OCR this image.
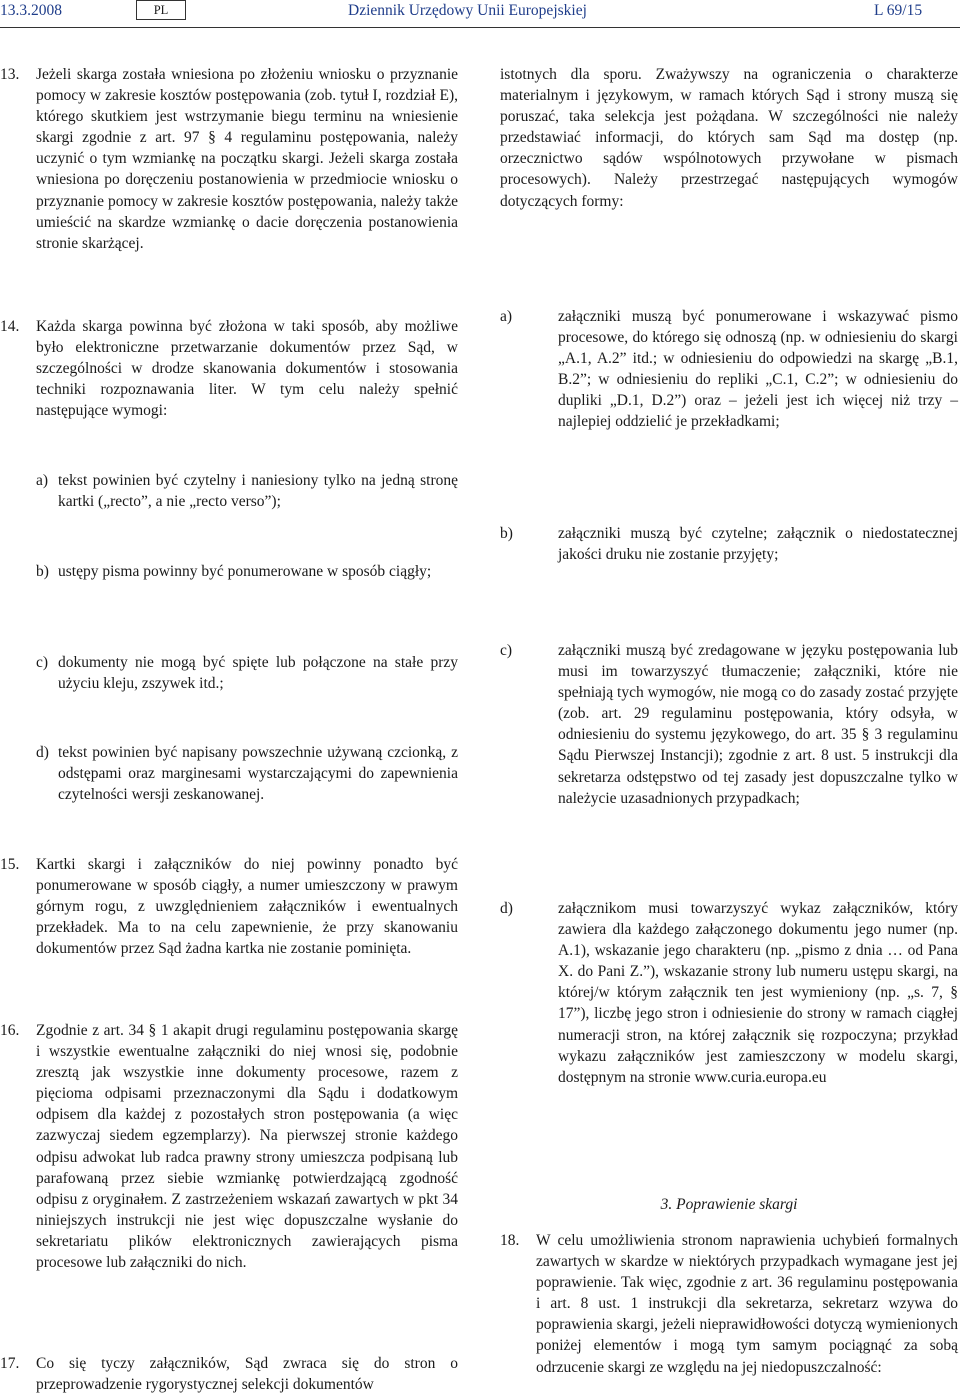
13.3.2008	PL	Dziennik Urzędowy Unii Europejskiej	L 69/15
13. Jeżeli skarga została wniesiona po złożeniu wniosku o przyznanie pomocy w zakresie kosztów postępowania (zob. tytuł I, rozdział E), którego skutkiem jest wstrzymanie biegu terminu na wniesienie skargi zgodnie z art. 97 § 4 regulaminu postępowania, należy uczynić o tym wzmiankę na początku skargi. Jeżeli skarga została wniesiona po doręczeniu postanowienia w przedmiocie wniosku o przyznanie pomocy w zakresie kosztów postępowania, należy także umieścić na skardze wzmiankę o dacie doręczenia postanowienia stronie skarżącej.
14. Każda skarga powinna być złożona w taki sposób, aby możliwe było elektroniczne przetwarzanie dokumentów przez Sąd, w szczególności w drodze skanowania dokumentów i stosowania techniki rozpoznawania liter. W tym celu należy spełnić następujące wymogi:
a) tekst powinien być czytelny i naniesiony tylko na jedną stronę kartki („recto”, a nie „recto verso”);
b) ustępy pisma powinny być ponumerowane w sposób ciągły;
c) dokumenty nie mogą być spięte lub połączone na stałe przy użyciu kleju, zszywek itd.;
d) tekst powinien być napisany powszechnie używaną czcionką, z odstępami oraz marginesami wystarczającymi do zapewnienia czytelności wersji zeskanowanej.
15. Kartki skargi i załączników do niej powinny ponadto być ponumerowane w sposób ciągły, a numer umieszczony w prawym górnym rogu, z uwzględnieniem załączników i ewentualnych przekładek. Ma to na celu zapewnienie, że przy skanowaniu dokumentów przez Sąd żadna kartka nie zostanie pominięta.
16. Zgodnie z art. 34 § 1 akapit drugi regulaminu postępowania skargę i wszystkie ewentualne załączniki do niej wnosi się, podobnie zresztą jak wszystkie inne dokumenty procesowe, razem z pięcioma odpisami przeznaczonymi dla Sądu i dodatkowym odpisem dla każdej z pozostałych stron postępowania (a więc zazwyczaj siedem egzemplarzy). Na pierwszej stronie każdego odpisu adwokat lub radca prawny strony umieszcza podpisaną lub parafowaną przez siebie wzmiankę potwierdzającą zgodność odpisu z oryginałem. Z zastrzeżeniem wskazań zawartych w pkt 34 niniejszych instrukcji nie jest więc dopuszczalne wysłanie do sekretariatu plików elektronicznych zawierających pisma procesowe lub załączniki do nich.
17. Co się tyczy załączników, Sąd zwraca się do stron o przeprowadzenie rygorystycznej selekcji dokumentów
istotnych dla sporu. Zważywszy na ograniczenia o charakterze materialnym i językowym, w ramach których Sąd i strony muszą się poruszać, taka selekcja jest pożądana. W szczególności nie należy przedstawiać informacji, do których sam Sąd ma dostęp (np. orzecznictwo sądów wspólnotowych przywołane w pismach procesowych). Należy przestrzegać następujących wymogów dotyczących formy:
a)	załączniki muszą być ponumerowane i wskazywać pismo procesowe, do którego się odnoszą (np. w odniesieniu do skargi „A.1, A.2” itd.; w odniesieniu do odpowiedzi na skargę „B.1, B.2”; w odniesieniu do repliki „C.1, C.2”; w odniesieniu do dupliki „D.1, D.2”) oraz – jeżeli jest ich więcej niż trzy – najlepiej oddzielić je przekładkami;
b)	załączniki muszą być czytelne; załącznik o niedostatecznej jakości druku nie zostanie przyjęty;
c)	załączniki muszą być zredagowane w języku postępowania lub musi im towarzyszyć tłumaczenie; załączniki, które nie spełniają tych wymogów, nie mogą co do zasady zostać przyjęte (zob. art. 29 regulaminu postępowania, który odsyła, w odniesieniu do systemu językowego, do art. 35 § 3 regulaminu Sądu Pierwszej Instancji); zgodnie z art. 8 ust. 5 instrukcji dla sekretarza odstępstwo od tej zasady jest dopuszczalne tylko w należycie uzasadnionych przypadkach;
d)	załącznikom musi towarzyszyć wykaz załączników, który zawiera dla każdego załączonego dokumentu jego numer (np. A.1), wskazanie jego charakteru (np. „pismo z dnia … od Pana X. do Pani Z.”), wskazanie strony lub numeru ustępu skargi, na której/w którym załącznik ten jest wymieniony (np. „s. 7, § 17”), liczbę jego stron i odniesienie do strony w ramach ciągłej numeracji stron, na której załącznik się rozpoczyna; przykład wykazu załączników jest zamieszczony w modelu skargi, dostępnym na stronie www.curia.europa.eu
3. Poprawienie skargi
18. W celu umożliwienia stronom naprawienia uchybień formalnych zawartych w skardze w niektórych przypadkach wymagane jest jej poprawienie. Tak więc, zgodnie z art. 36 regulaminu postępowania i art. 8 ust. 1 instrukcji dla sekretarza, sekretarz wzywa do poprawienia skargi, jeżeli nieprawidłowości dotyczą wymienionych poniżej elementów i mogą tym samym pociągnąć za sobą odrzucenie skargi ze względu na jej niedopuszczalność:
